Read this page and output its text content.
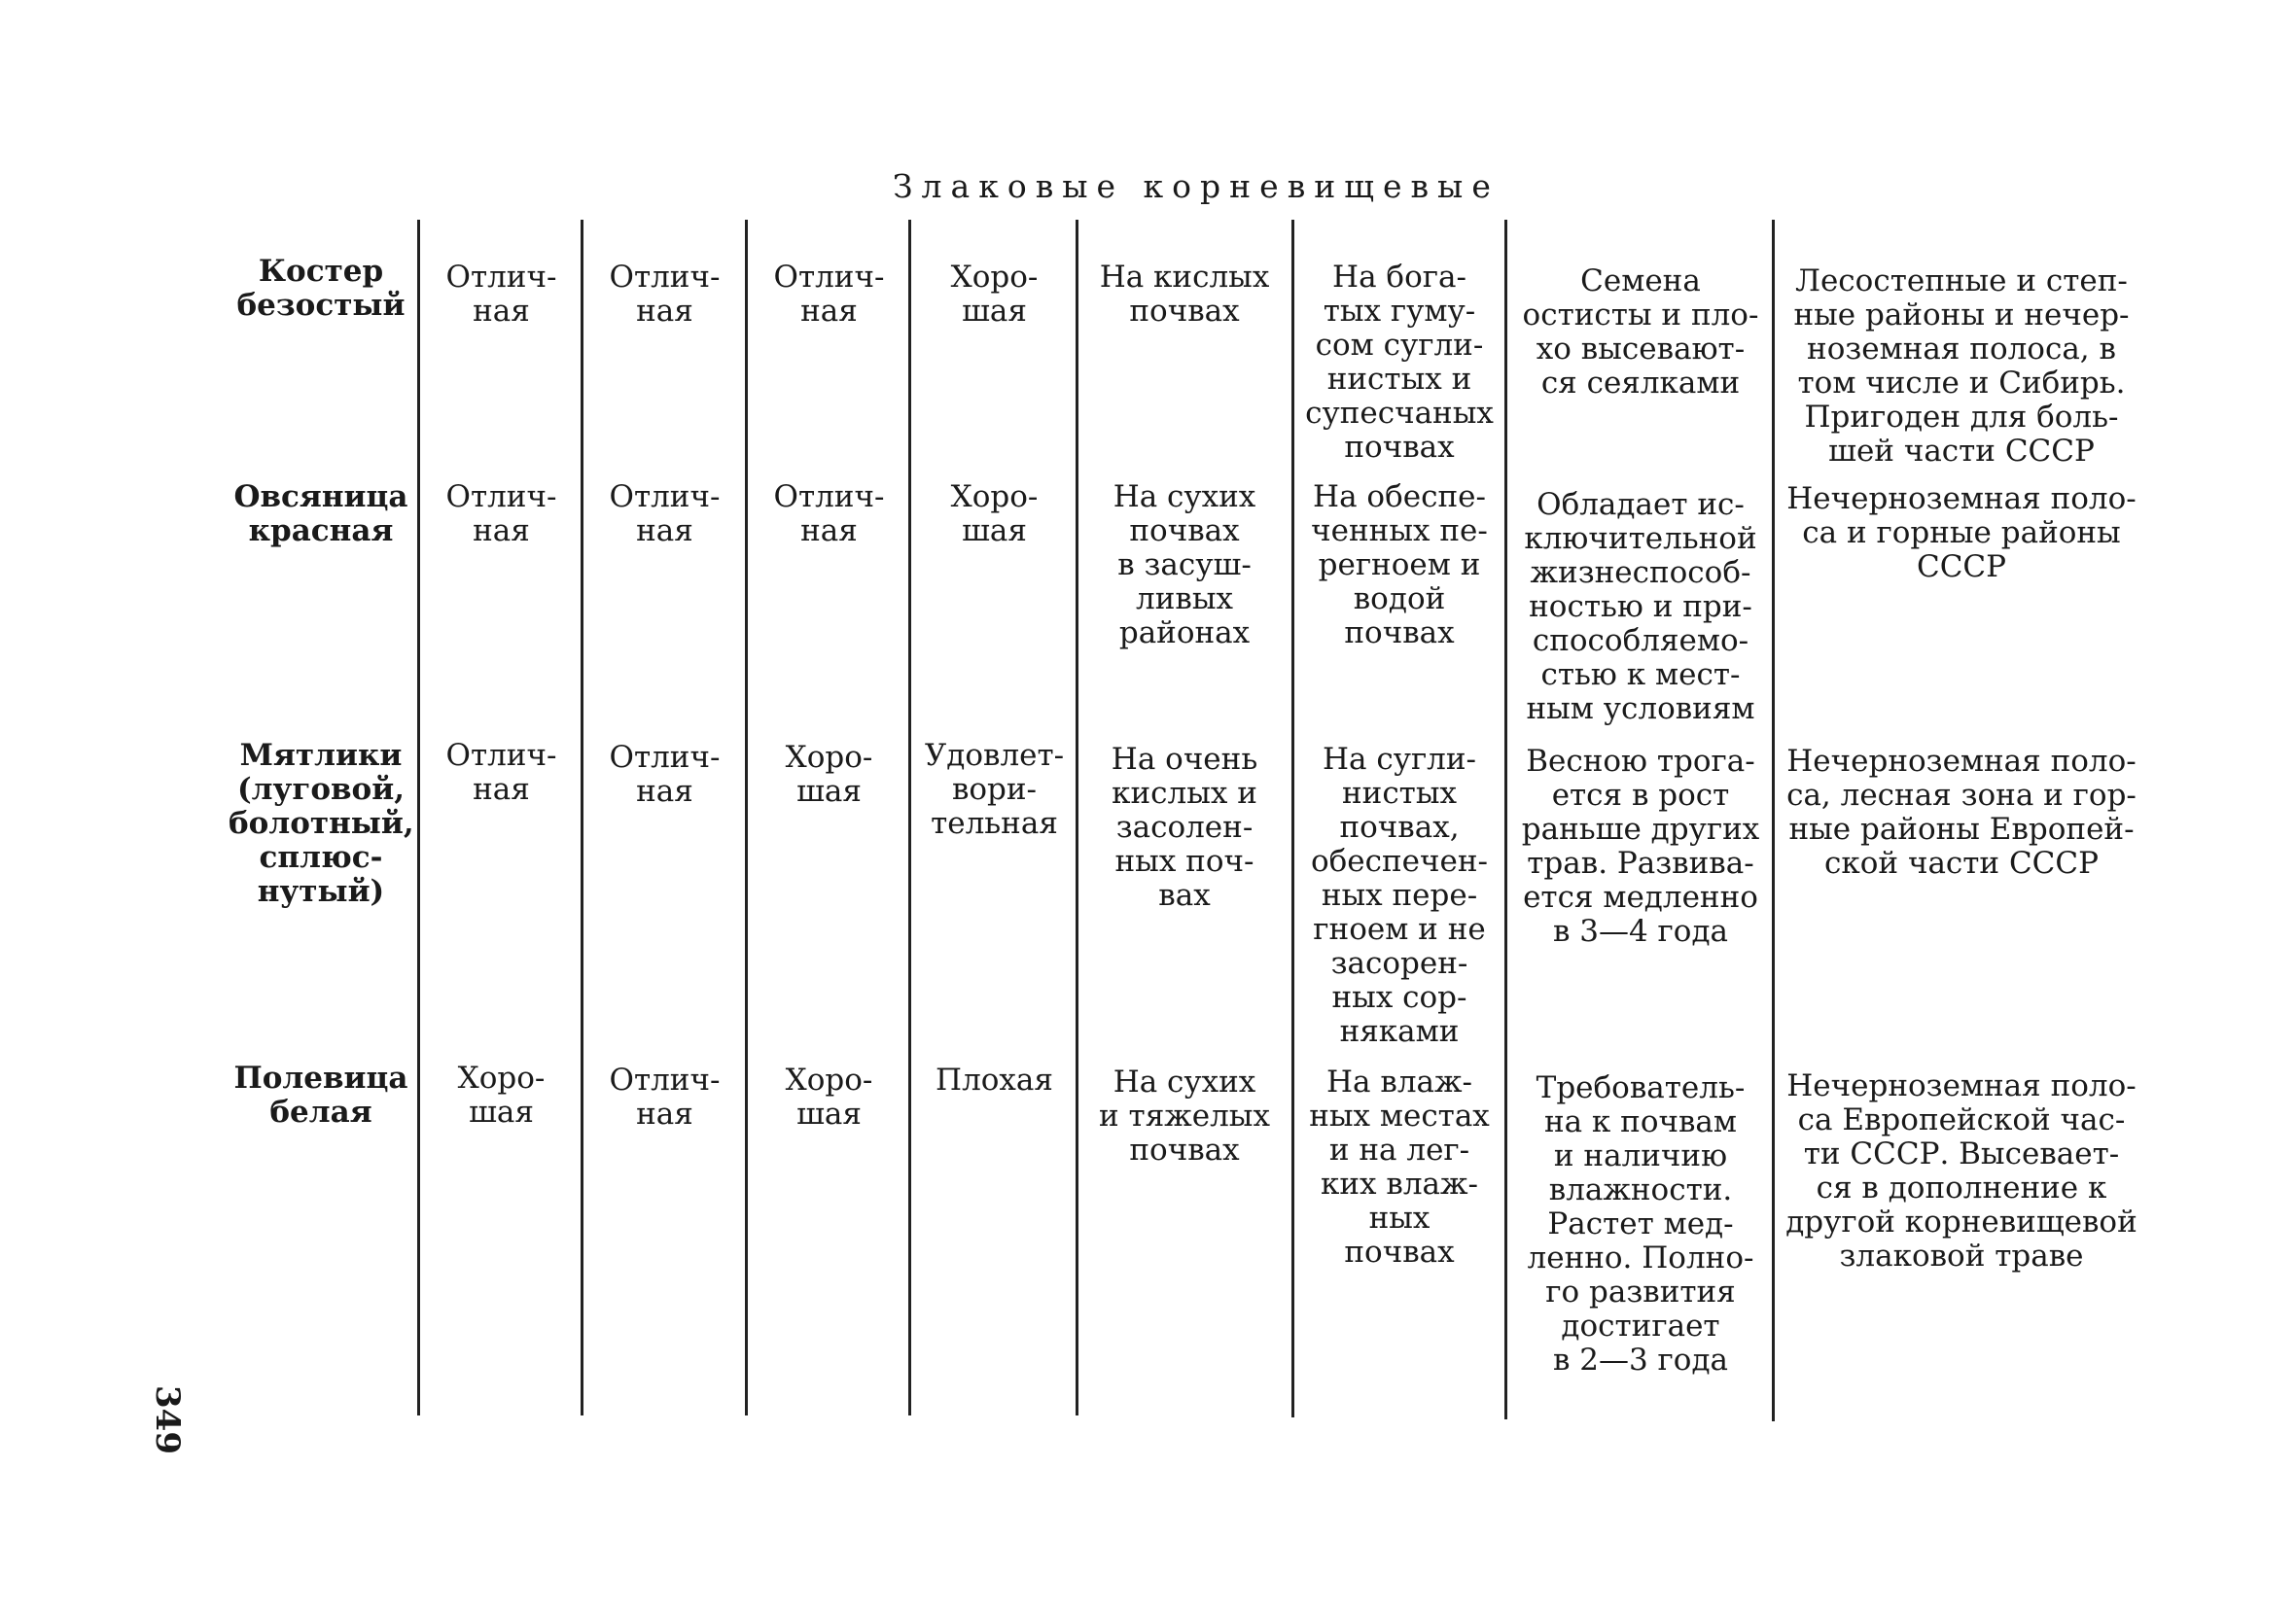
Злаковые корневищевые
349
Костер
безостый
Отлич-
ная
Отлич-
ная
Отлич-
ная
Хоро-
шая
На кислых
почвах
На бога-
тых гуму-
сом сугли-
нистых и
супесчаных
почвах
Семена
остисты и пло-
хо высевают-
ся сеялками
Лесостепные и степ-
ные районы и нечер-
ноземная полоса, в
том числе и Сибирь.
Пригоден для боль-
шей части СССР
Овсяница
красная
Отлич-
ная
Отлич-
ная
Отлич-
ная
Хоро-
шая
На сухих
почвах
в засуш-
ливых
районах
На обеспе-
ченных пе-
регноем и
водой
почвах
Обладает ис-
ключительной
жизнеспособ-
ностью и при-
способляемо-
стью к мест-
ным условиям
Нечерноземная поло-
са и горные районы
СССР
Мятлики
(луговой,
болотный,
сплюс-
нутый)
Отлич-
ная
Отлич-
ная
Хоро-
шая
Удовлет-
вори-
тельная
На очень
кислых и
засолен-
ных поч-
вах
На сугли-
нистых
почвах,
обеспечен-
ных пере-
гноем и не
засорен-
ных сор-
няками
Весною трога-
ется в рост
раньше других
трав. Развива-
ется медленно
в 3—4 года
Нечерноземная поло-
са, лесная зона и гор-
ные районы Европей-
ской части СССР
Полевица
белая
Хоро-
шая
Отлич-
ная
Хоро-
шая
Плохая	На сухих
и тяжелых
почвах
На влаж-
ных местах
и на лег-
ких влаж-
ных
почвах
Требователь-
на к почвам
и наличию
влажности.
Растет мед-
ленно. Полно-
го развития
достигает
в 2—3 года
Нечерноземная поло-
са Европейской час-
ти СССР. Высевает-
ся в дополнение к
другой корневищевой
злаковой траве
